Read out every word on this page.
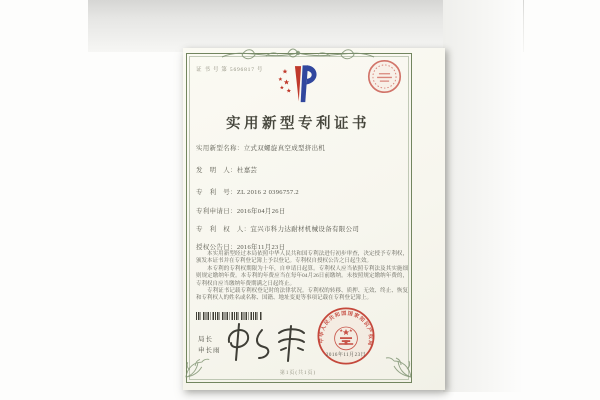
证 书 号 第 5696817 号
实用新型专利证书
实用新型名称：立式双螺旋真空成型挤出机
发　明　人：杜嘉芸
专　利　号：ZL 2016 2 0396757.2
专利申请日：2016年04月26日
专　利　权　人：宜兴市科力达耐材机械设备有限公司
授权公告日：2016年11月23日

本实用新型经过本局依照中华人民共和国专利法进行初步审查，决定授予专利权，颁发本证书并在专利登记簿上予以登记。专利权自授权公告之日起生效。

本专利的专利权期限为十年，自申请日起算。专利权人应当依照专利法及其实施细则规定缴纳年费。本专利的年费应当在每年04月26日前缴纳。未按照规定缴纳年费的，专利权自应当缴纳年费期满之日起终止。

专利证书记载专利权登记时的法律状况。专利权的转移、质押、无效、终止、恢复和专利权人的姓名或名称、国籍、地址变更等事项记载在专利登记簿上。

局长
申长雨
中华人民共和国国家知识产权局
2016年11月23日
第1页(共1页)
